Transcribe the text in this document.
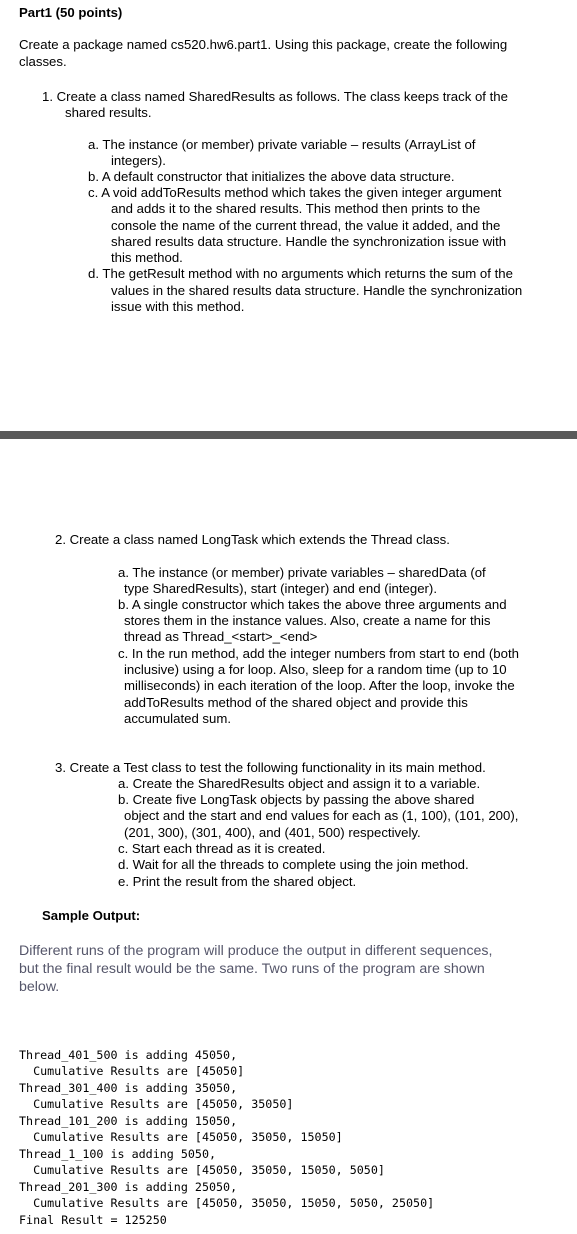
Part1 (50 points)
Create a package named cs520.hw6.part1. Using this package, create the following
classes.
1. Create a class named SharedResults as follows. The class keeps track of the
shared results.
a. The instance (or member) private variable – results (ArrayList of
integers).
b. A default constructor that initializes the above data structure.
c. A void addToResults method which takes the given integer argument
and adds it to the shared results. This method then prints to the
console the name of the current thread, the value it added, and the
shared results data structure. Handle the synchronization issue with
this method.
d. The getResult method with no arguments which returns the sum of the
values in the shared results data structure. Handle the synchronization
issue with this method.
2. Create a class named LongTask which extends the Thread class.
a. The instance (or member) private variables – sharedData (of
type SharedResults), start (integer) and end (integer).
b. A single constructor which takes the above three arguments and
stores them in the instance values. Also, create a name for this
thread as Thread_<start>_<end>
c. In the run method, add the integer numbers from start to end (both
inclusive) using a for loop. Also, sleep for a random time (up to 10
milliseconds) in each iteration of the loop. After the loop, invoke the
addToResults method of the shared object and provide this
accumulated sum.
3. Create a Test class to test the following functionality in its main method.
a. Create the SharedResults object and assign it to a variable.
b. Create five LongTask objects by passing the above shared
object and the start and end values for each as (1, 100), (101, 200),
(201, 300), (301, 400), and (401, 500) respectively.
c. Start each thread as it is created.
d. Wait for all the threads to complete using the join method.
e. Print the result from the shared object.
Sample Output:
Different runs of the program will produce the output in different sequences,
but the final result would be the same. Two runs of the program are shown
below.
Thread_401_500 is adding 45050,
Cumulative Results are [45050]
Thread_301_400 is adding 35050,
Cumulative Results are [45050, 35050]
Thread_101_200 is adding 15050,
Cumulative Results are [45050, 35050, 15050]
Thread_1_100 is adding 5050,
Cumulative Results are [45050, 35050, 15050, 5050]
Thread_201_300 is adding 25050,
Cumulative Results are [45050, 35050, 15050, 5050, 25050]
Final Result = 125250
